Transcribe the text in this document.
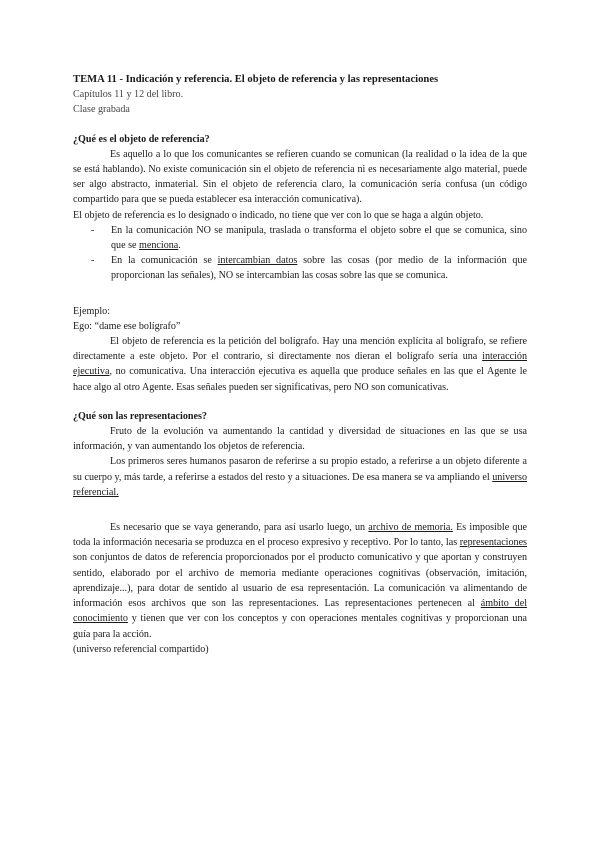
TEMA 11 - Indicación y referencia. El objeto de referencia y las representaciones

Capítulos 11 y 12 del libro.

Clase grabada

¿Qué es el objeto de referencia?

Es aquello a lo que los comunicantes se refieren cuando se comunican (la realidad o la idea de la que se está hablando). No existe comunicación sin el objeto de referencia ni es necesariamente algo material, puede ser algo abstracto, inmaterial. Sin el objeto de referencia claro, la comunicación sería confusa (un código compartido para que se pueda establecer esa interacción comunicativa).

El objeto de referencia es lo designado o indicado, no tiene que ver con lo que se haga a algún objeto.

- En la comunicación NO se manipula, traslada o transforma el objeto sobre el que se comunica, sino que se menciona.
- En la comunicación se intercambian datos sobre las cosas (por medio de la información que proporcionan las señales), NO se intercambian las cosas sobre las que se comunica.

Ejemplo:

Ego: “dame ese bolígrafo”

El objeto de referencia es la petición del bolígrafo. Hay una mención explícita al bolígrafo, se refiere directamente a este objeto. Por el contrario, si directamente nos dieran el bolígrafo sería una interacción ejecutiva, no comunicativa. Una interacción ejecutiva es aquella que produce señales en las que el Agente le hace algo al otro Agente. Esas señales pueden ser significativas, pero NO son comunicativas.

¿Qué son las representaciones?

Fruto de la evolución va aumentando la cantidad y diversidad de situaciones en las que se usa información, y van aumentando los objetos de referencia.

Los primeros seres humanos pasaron de referirse a su propio estado, a referirse a un objeto diferente a su cuerpo y, más tarde, a referirse a estados del resto y a situaciones. De esa manera se va ampliando el universo referencial.

Es necesario que se vaya generando, para así usarlo luego, un archivo de memoria. Es imposible que toda la información necesaria se produzca en el proceso expresivo y receptivo. Por lo tanto, las representaciones son conjuntos de datos de referencia proporcionados por el producto comunicativo y que aportan y construyen sentido, elaborado por el archivo de memoria mediante operaciones cognitivas (observación, imitación, aprendizaje...), para dotar de sentido al usuario de esa representación. La comunicación va alimentando de información esos archivos que son las representaciones. Las representaciones pertenecen al ámbito del conocimiento y tienen que ver con los conceptos y con operaciones mentales cognitivas y proporcionan una guía para la acción.

(universo referencial compartido)
